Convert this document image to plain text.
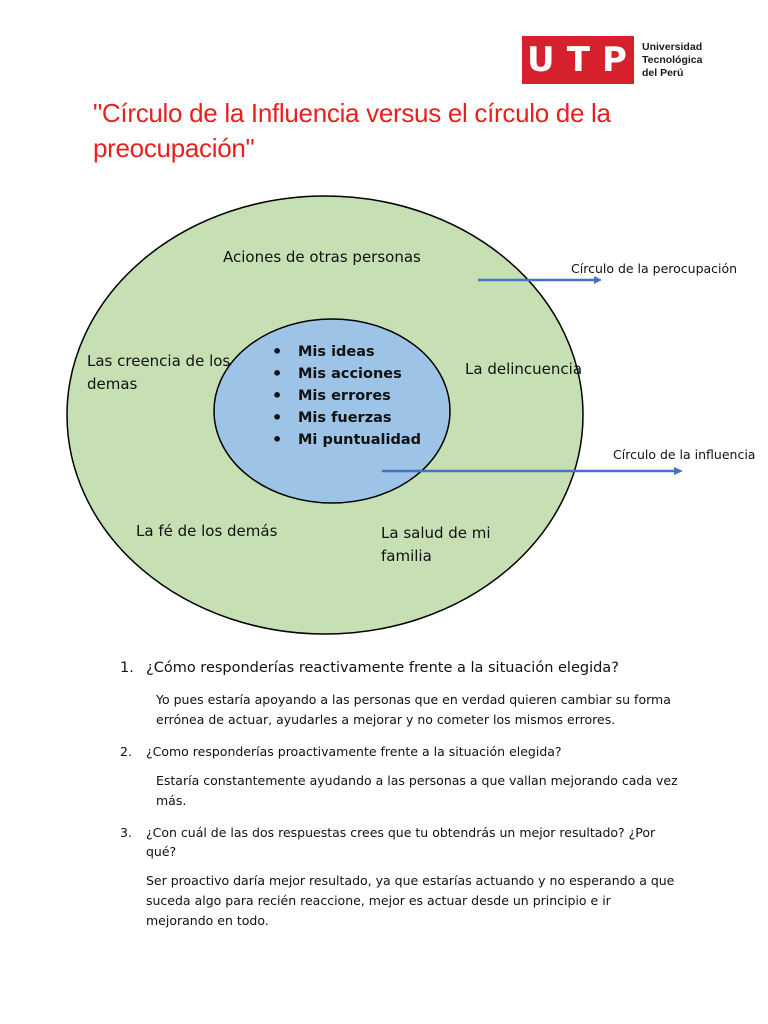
U T P Universidad
Tecnológica
del Perú
"Círculo de la Influencia versus el círculo de la preocupación"
Aciones de otras personas
Las creencia de los demas
La delincuencia
La fé de los demás	La salud de mi familia
• Mis ideas
• Mis acciones
• Mis errores
• Mis fuerzas
• Mi puntualidad
Círculo de la perocupación
Círculo de la influencia
1. ¿Cómo responderías reactivamente frente a la situación elegida?
Yo pues estaría apoyando a las personas que en verdad quieren cambiar su forma errónea de actuar, ayudarles a mejorar y no cometer los mismos errores.
2.	¿Como responderías proactivamente frente a la situación elegida?
Estaría constantemente ayudando a las personas a que vallan mejorando cada vez más.
3.	¿Con cuál de las dos respuestas crees que tu obtendrás un mejor resultado? ¿Por qué?
Ser proactivo daría mejor resultado, ya que estarías actuando y no esperando a que suceda algo para recién reaccione, mejor es actuar desde un principio e ir mejorando en todo.
